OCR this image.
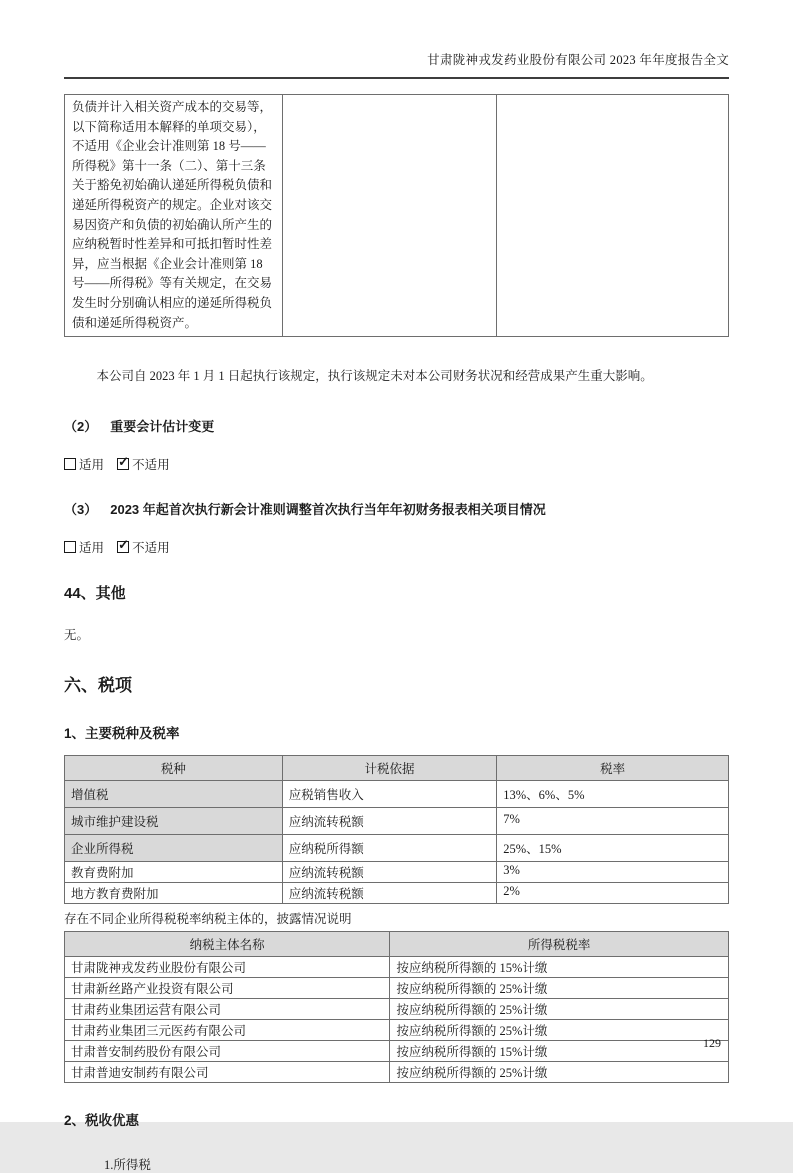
甘肃陇神戎发药业股份有限公司 2023 年年度报告全文
负债并计入相关资产成本的交易等，以下简称适用本解释的单项交易），不适用《企业会计准则第 18 号——所得税》第十一条（二）、第十三条关于豁免初始确认递延所得税负债和递延所得税资产的规定。企业对该交易因资产和负债的初始确认所产生的应纳税暂时性差异和可抵扣暂时性差异，应当根据《企业会计准则第 18 号——所得税》等有关规定，在交易发生时分别确认相应的递延所得税负债和递延所得税资产。		

本公司自 2023 年 1 月 1 日起执行该规定，执行该规定未对本公司财务状况和经营成果产生重大影响。

（2） 重要会计估计变更
适用 ✓ 不适用
（3） 2023 年起首次执行新会计准则调整首次执行当年年初财务报表相关项目情况
适用 ✓ 不适用
44、其他
无。
六、税项
1、主要税种及税率
税种	计税依据	税率
增值税	应税销售收入	13%、6%、5%
城市维护建设税	应纳流转税额	7%
企业所得税	应纳税所得额	25%、15%
教育费附加	应纳流转税额	3%
地方教育费附加	应纳流转税额	2%
存在不同企业所得税税率纳税主体的，披露情况说明
纳税主体名称	所得税税率
甘肃陇神戎发药业股份有限公司	按应纳税所得额的 15%计缴
甘肃新丝路产业投资有限公司	按应纳税所得额的 25%计缴
甘肃药业集团运营有限公司	按应纳税所得额的 25%计缴
甘肃药业集团三元医药有限公司	按应纳税所得额的 25%计缴
甘肃普安制药股份有限公司	按应纳税所得额的 15%计缴
甘肃普迪安制药有限公司	按应纳税所得额的 25%计缴
2、税收优惠
1.所得税
129
